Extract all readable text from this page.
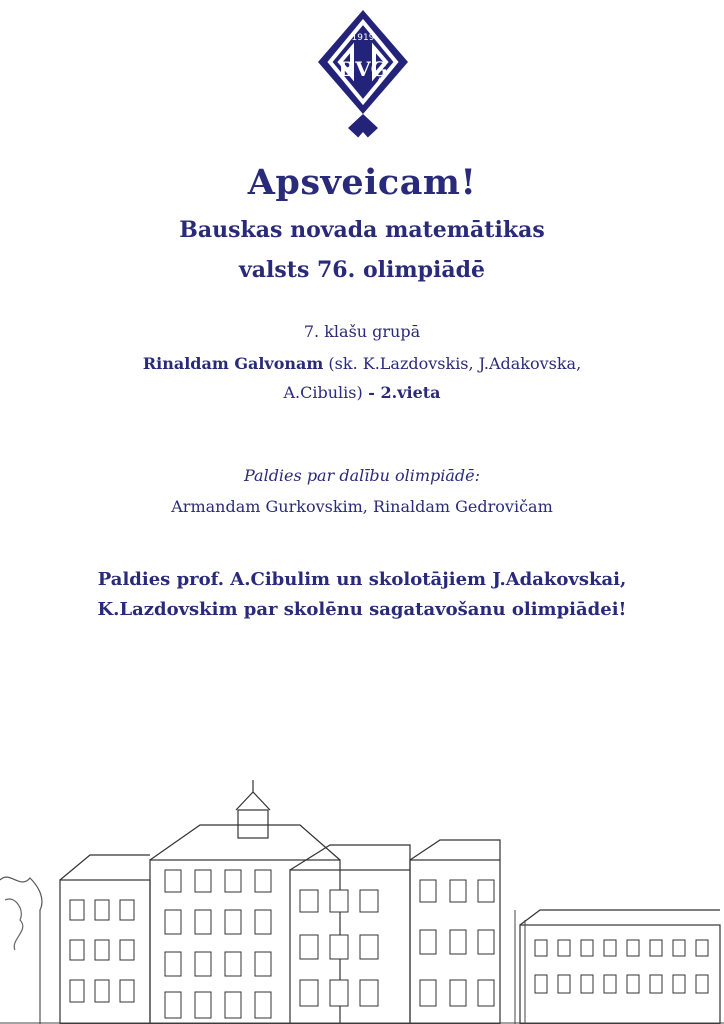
1919
BVĢ
Apsveicam!
Bauskas novada matemātikas
valsts 76. olimpiādē
7. klašu grupā
Rinaldam Galvonam (sk. K.Lazdovskis, J.Adakovska,
A.Cibulis) - 2.vieta
Paldies par dalību olimpiādē:
Armandam Gurkovskim, Rinaldam Gedrovičam
Paldies prof. A.Cibulim un skolotājiem J.Adakovskai,
K.Lazdovskim par skolēnu sagatavošanu olimpiādei!
